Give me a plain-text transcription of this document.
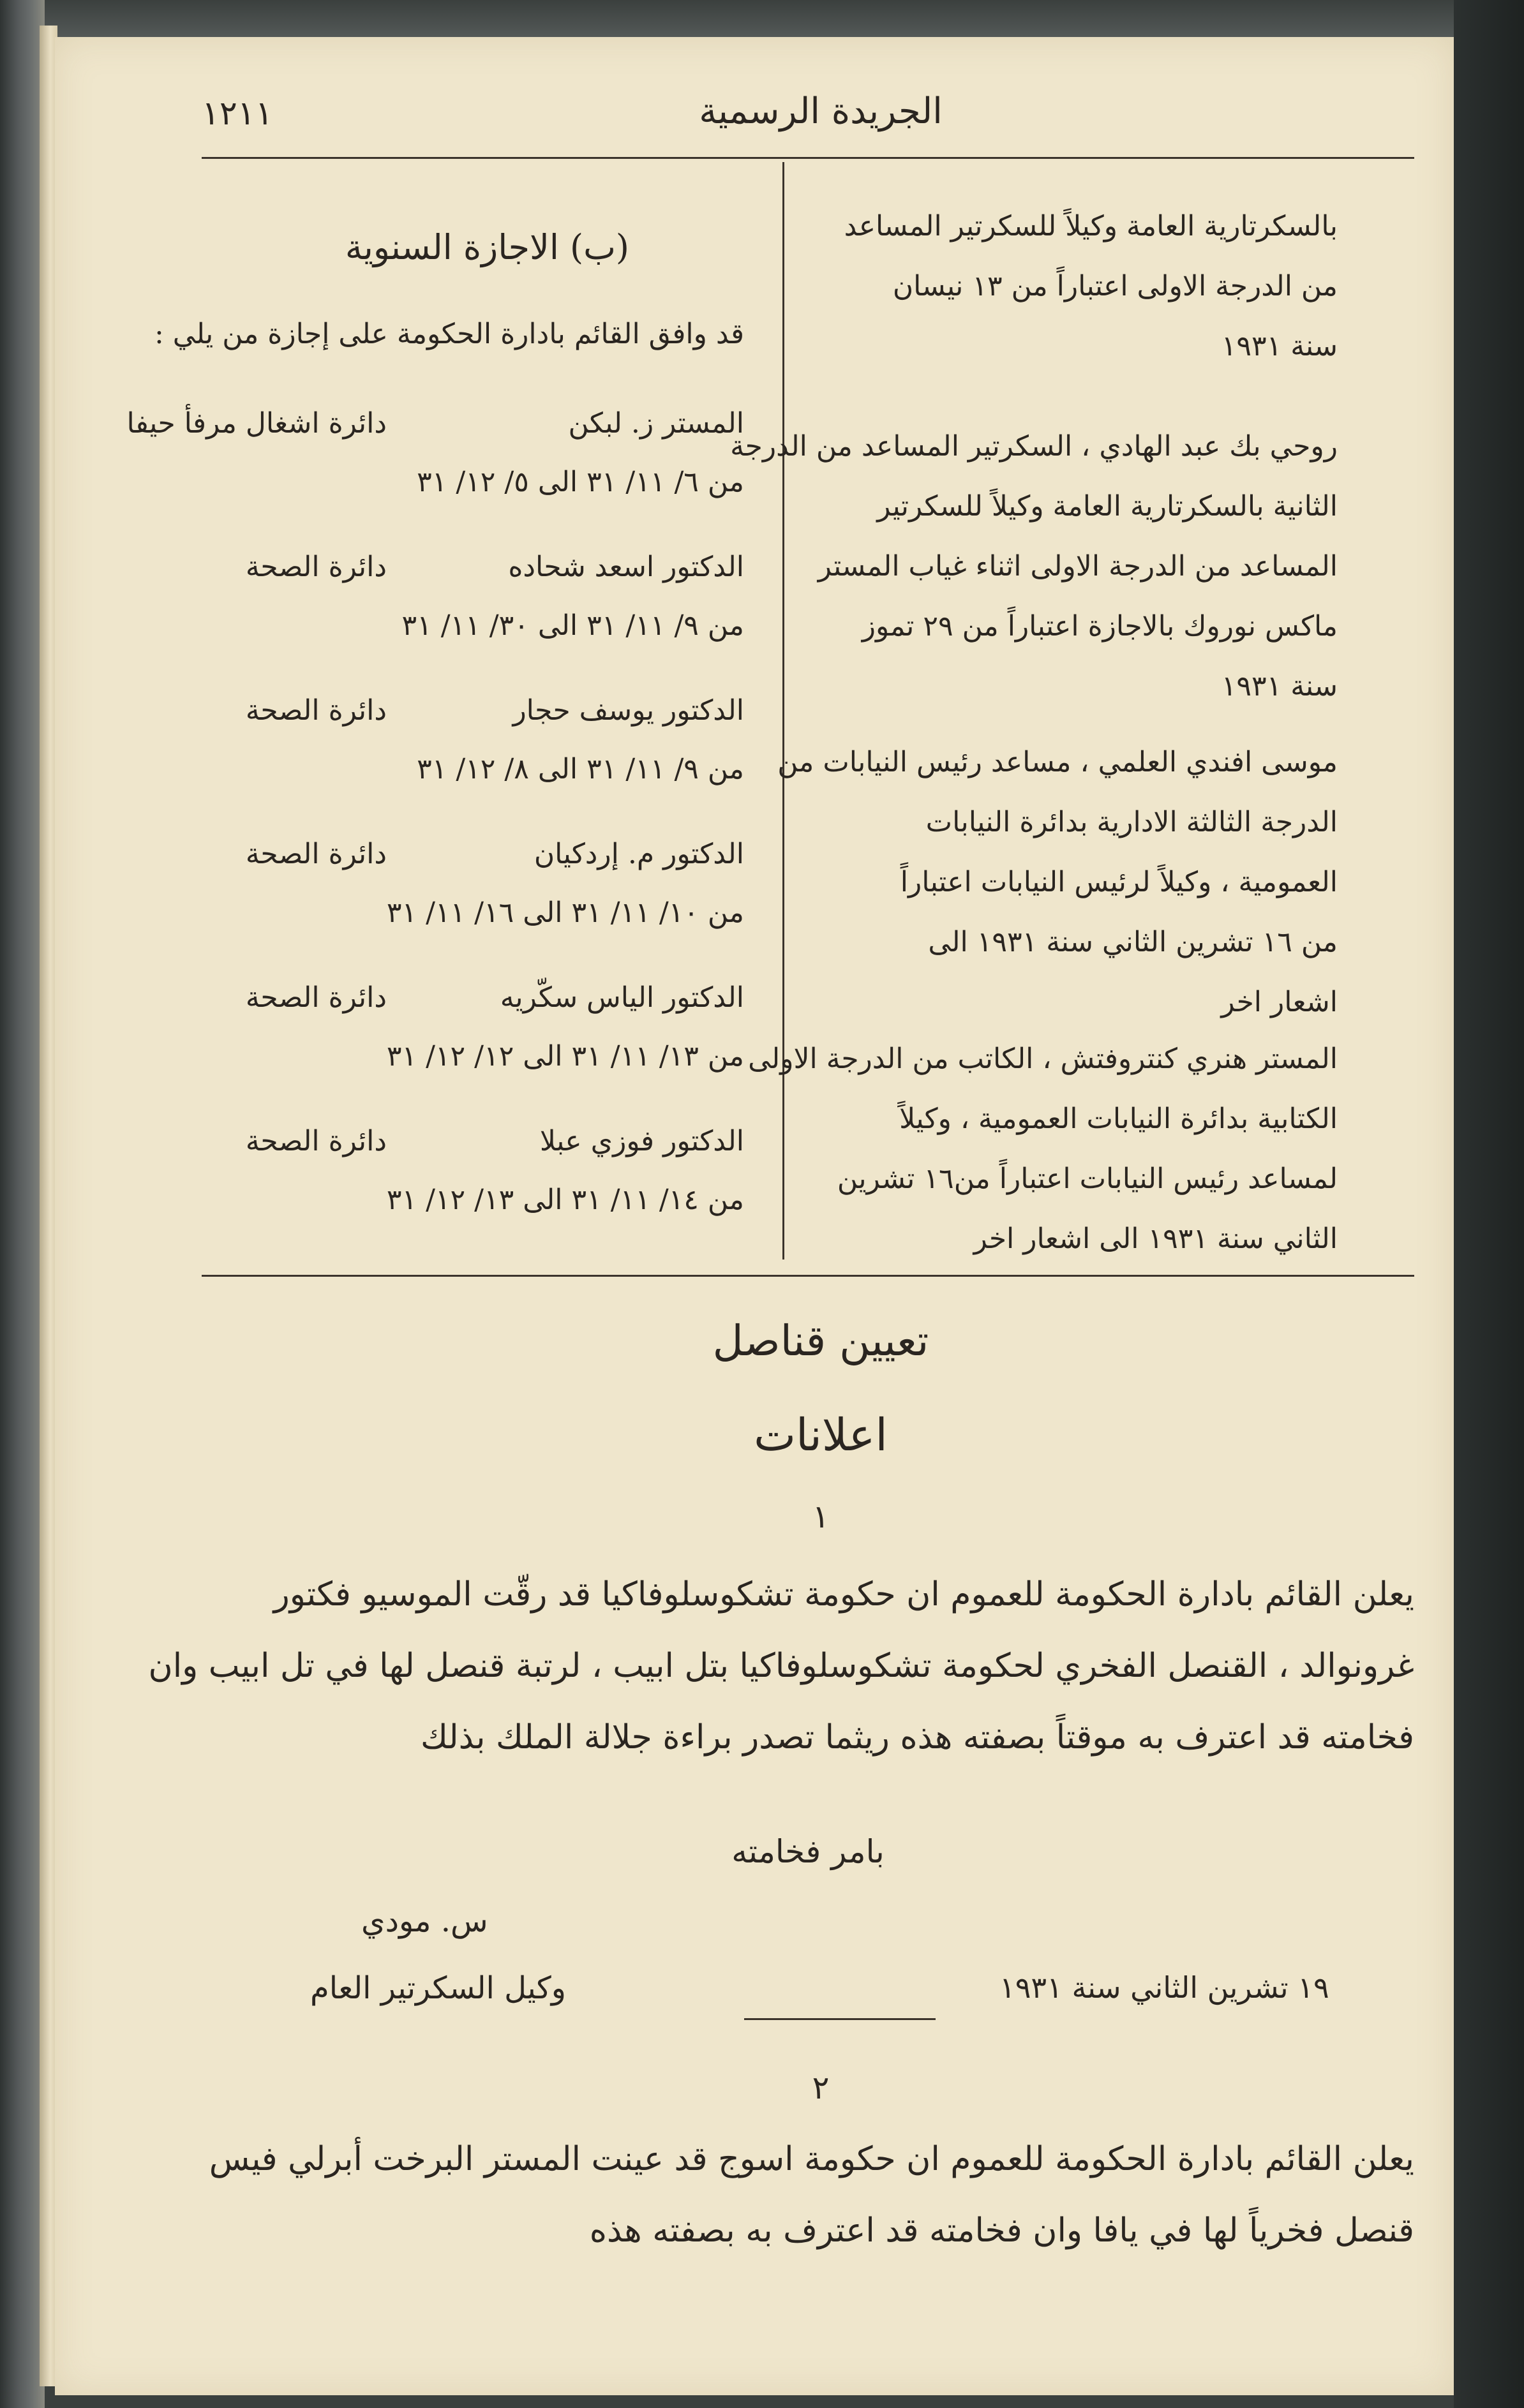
١٢١١	الجريدة الرسمية
بالسكرتارية العامة وكيلاً للسكرتير المساعد
من الدرجة الاولى اعتباراً من ١٣ نيسان
سنة ١٩٣١
روحي بك عبد الهادي ، السكرتير المساعد من الدرجة
الثانية بالسكرتارية العامة وكيلاً للسكرتير
المساعد من الدرجة الاولى اثناء غياب المستر
ماكس نوروك بالاجازة اعتباراً من ٢٩ تموز
سنة ١٩٣١
موسى افندي العلمي ، مساعد رئيس النيابات من
الدرجة الثالثة الادارية بدائرة النيابات
العمومية ، وكيلاً لرئيس النيابات اعتباراً
من ١٦ تشرين الثاني سنة ١٩٣١ الى
اشعار اخر
المستر هنري كنتروفتش ، الكاتب من الدرجة الاولى
الكتابية بدائرة النيابات العمومية ، وكيلاً
لمساعد رئيس النيابات اعتباراً من١٦ تشرين
الثاني سنة ١٩٣١ الى اشعار اخر
(ب) الاجازة السنوية
قد وافق القائم بادارة الحكومة على إجازة من يلي :
المستر ز. لبكن
دائرة اشغال مرفأ حيفا
من ٦/ ١١/ ٣١ الى ٥/ ١٢/ ٣١
الدكتور اسعد شحاده
دائرة الصحة
من ٩/ ١١/ ٣١ الى ٣٠/ ١١/ ٣١
الدكتور يوسف حجار
دائرة الصحة
من ٩/ ١١/ ٣١ الى ٨/ ١٢/ ٣١
الدكتور م. إردكيان
دائرة الصحة
من ١٠/ ١١/ ٣١ الى ١٦/ ١١/ ٣١
الدكتور الياس سكّريه
دائرة الصحة
من ١٣/ ١١/ ٣١ الى ١٢/ ١٢/ ٣١
الدكتور فوزي عبلا
دائرة الصحة
من ١٤/ ١١/ ٣١ الى ١٣/ ١٢/ ٣١
تعيين قناصل
اعلانات
١
يعلن القائم بادارة الحكومة للعموم ان حكومة تشكوسلوفاكيا قد رقّت الموسيو فكتور
غرونوالد ، القنصل الفخري لحكومة تشكوسلوفاكيا بتل ابيب ، لرتبة قنصل لها في تل ابيب وان
فخامته قد اعترف به موقتاً بصفته هذه ريثما تصدر براءة جلالة الملك بذلك
بامر فخامته
س. مودي
وكيل السكرتير العام	١٩ تشرين الثاني سنة ١٩٣١
٢
يعلن القائم بادارة الحكومة للعموم ان حكومة اسوج قد عينت المستر البرخت أبرلي فيس
قنصل فخرياً لها في يافا وان فخامته قد اعترف به بصفته هذه
